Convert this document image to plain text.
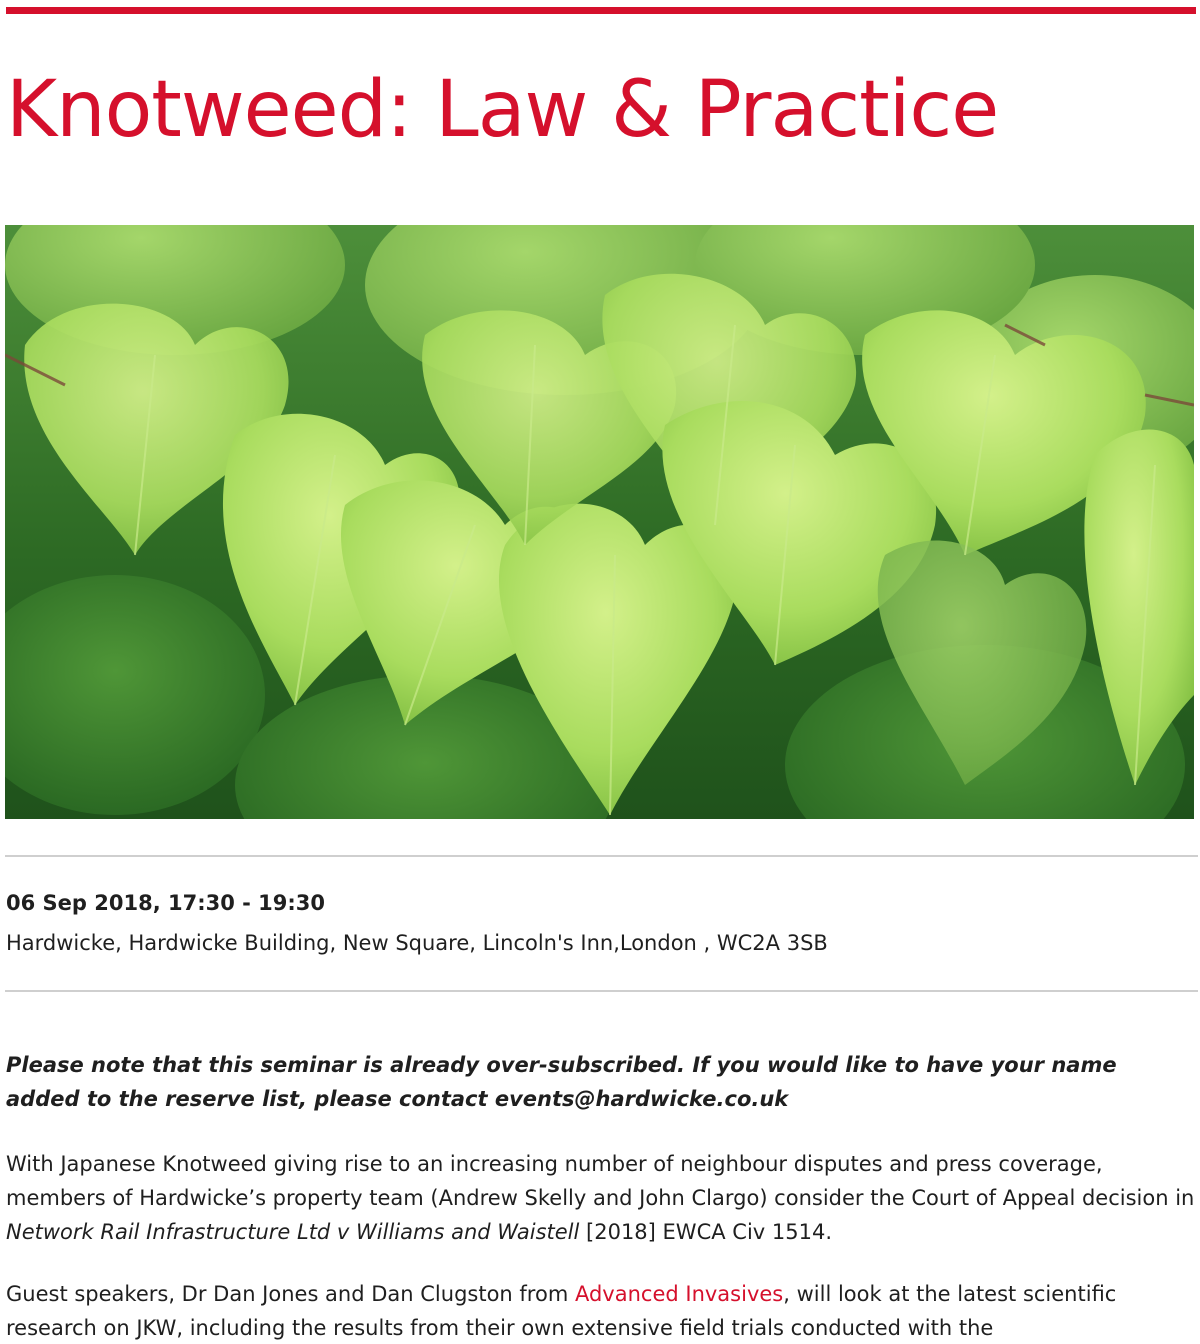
Knotweed: Law & Practice
06 Sep 2018, 17:30 - 19:30
Hardwicke, Hardwicke Building, New Square, Lincoln's Inn,London , WC2A 3SB

Please note that this seminar is already over-subscribed. If you would like to have your name added to the reserve list, please contact events@hardwicke.co.uk

With Japanese Knotweed giving rise to an increasing number of neighbour disputes and press coverage, members of Hardwicke’s property team (Andrew Skelly and John Clargo) consider the Court of Appeal decision in Network Rail Infrastructure Ltd v Williams and Waistell [2018] EWCA Civ 1514.

Guest speakers, Dr Dan Jones and Dan Clugston from Advanced Invasives, will look at the latest scientific research on JKW, including the results from their own extensive field trials conducted with the
